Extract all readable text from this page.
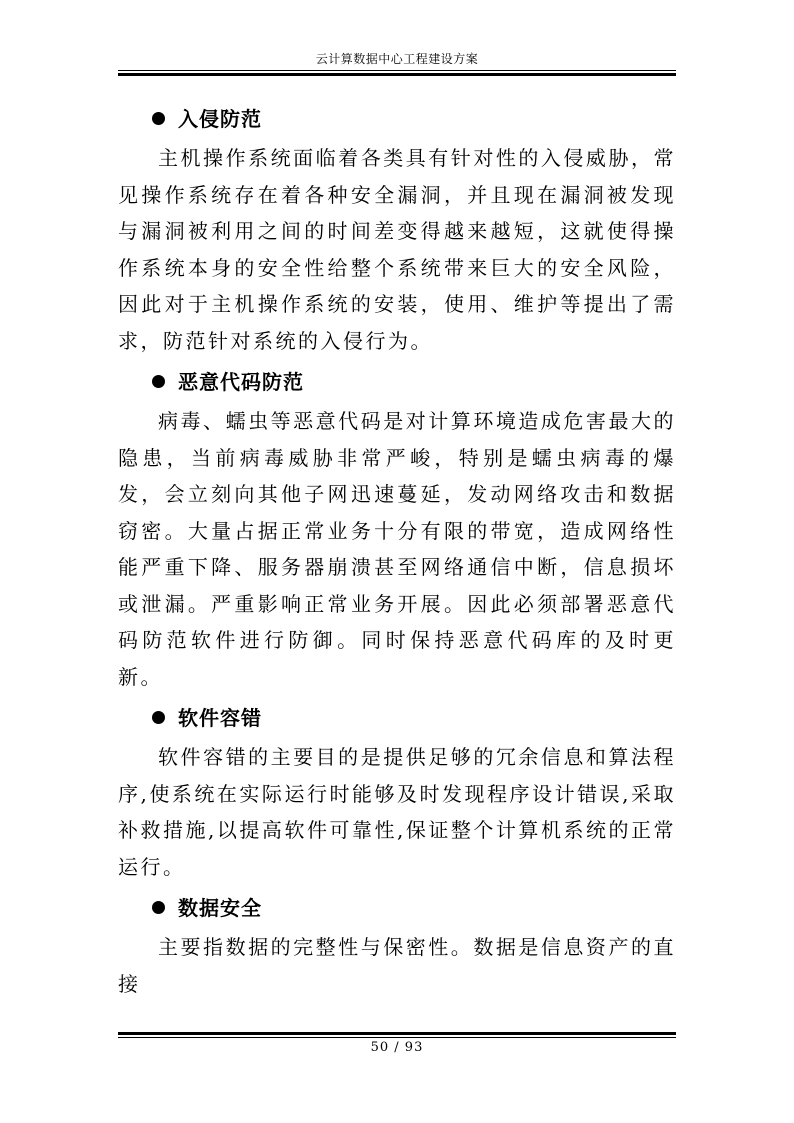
云计算数据中心工程建设方案
入侵防范

主机操作系统面临着各类具有针对性的入侵威胁，常见操作系统存在着各种安全漏洞，并且现在漏洞被发现与漏洞被利用之间的时间差变得越来越短，这就使得操作系统本身的安全性给整个系统带来巨大的安全风险，因此对于主机操作系统的安装，使用、维护等提出了需求，防范针对系统的入侵行为。

恶意代码防范

病毒、蠕虫等恶意代码是对计算环境造成危害最大的隐患，当前病毒威胁非常严峻，特别是蠕虫病毒的爆发，会立刻向其他子网迅速蔓延，发动网络攻击和数据窃密。大量占据正常业务十分有限的带宽，造成网络性能严重下降、服务器崩溃甚至网络通信中断，信息损坏或泄漏。严重影响正常业务开展。因此必须部署恶意代码防范软件进行防御。同时保持恶意代码库的及时更新。

软件容错

软件容错的主要目的是提供足够的冗余信息和算法程序,使系统在实际运行时能够及时发现程序设计错误,采取补救措施,以提高软件可靠性,保证整个计算机系统的正常运行。

数据安全

主要指数据的完整性与保密性。数据是信息资产的直接

50 / 93
